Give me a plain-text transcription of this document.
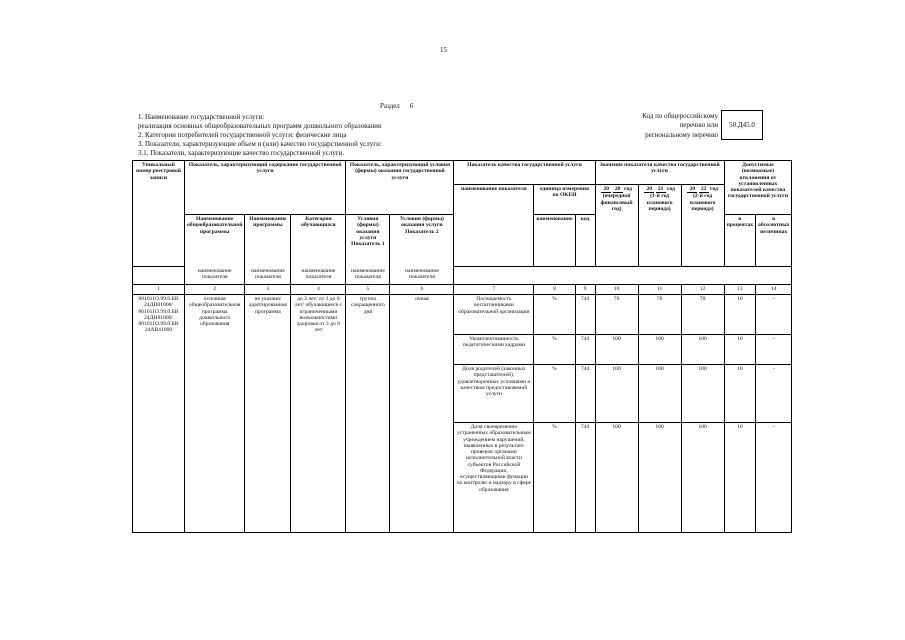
15
Раздел 6
1. Наименование государственной услуги:
реализация основных общеобразовательных программ дошкольного образования
2. Категории потребителей государственной услуги: физические лица
3. Показатели, характеризующие объем и (или) качество государственной услуги:
3.1. Показатели, характеризующие качество государственной услуги.
Код по общероссийскому
перечню или
региональному перечню
50.Д45.0
Уникальный номер реестровой записи	Показатель, характеризующий содержание государственной услуги			Показатель, характеризующий условия (формы) оказания государственной услуги		Показатель качества государственной услуги			Значение показателя качества государственной услуги			Допустимые (возможные) отклонения от установленных показателей качества государственной услуги	
						наименование показателя	единица измерения по ОКЕИ		20 20 год (очередной финансовый год)	20 21 год (1-й год планового периода)	20 22 год (2-й год планового периода)		
	Наименование общеобразовательной программы	Наименование программы	Категория обучающихся	Условия (формы) оказания услуги Показатель 1	Условия (формы) оказания услуги Показатель 2		наименование	код				в процентах	в абсолютных величинах
	наименование показателя	наименование показателя	наименование показателя	наименование показателя	наименование показателя								
1	2	3	4	5	6	7	8	9	10	11	12	13	14
801011О.99.0.БВ 24ДП01000/ 801011О.99.0.БВ 24ДН81000/ 801011О.99.0.БВ 24АВ41000	основная общеобразовательная программа дошкольного образования	не указано/ адаптированная программа	до 3 лет/ от 3 до 8 лет/ обучающиеся с ограниченными возможностями здоровья от 3 до 8 лет	группа сокращенного дня	очная	Посещаемость воспитанниками образовательной организации	%	744	70	70	70	10	-
						Укомплектованность педагогическими кадрами	%	744	100	100	100	10	-
						Доля родителей (законных представителей), удовлетворенных условиями и качеством предоставляемой услуги	%	744	100	100	100	10	-
						Доля своевременно устраненных образовательным учреждением нарушений, выявленных в результате проверок органами исполнительной власти субъектов Российской Федерации, осуществляющими функции по контролю и надзору в сфере образования	%	744	100	100	100	10	-
